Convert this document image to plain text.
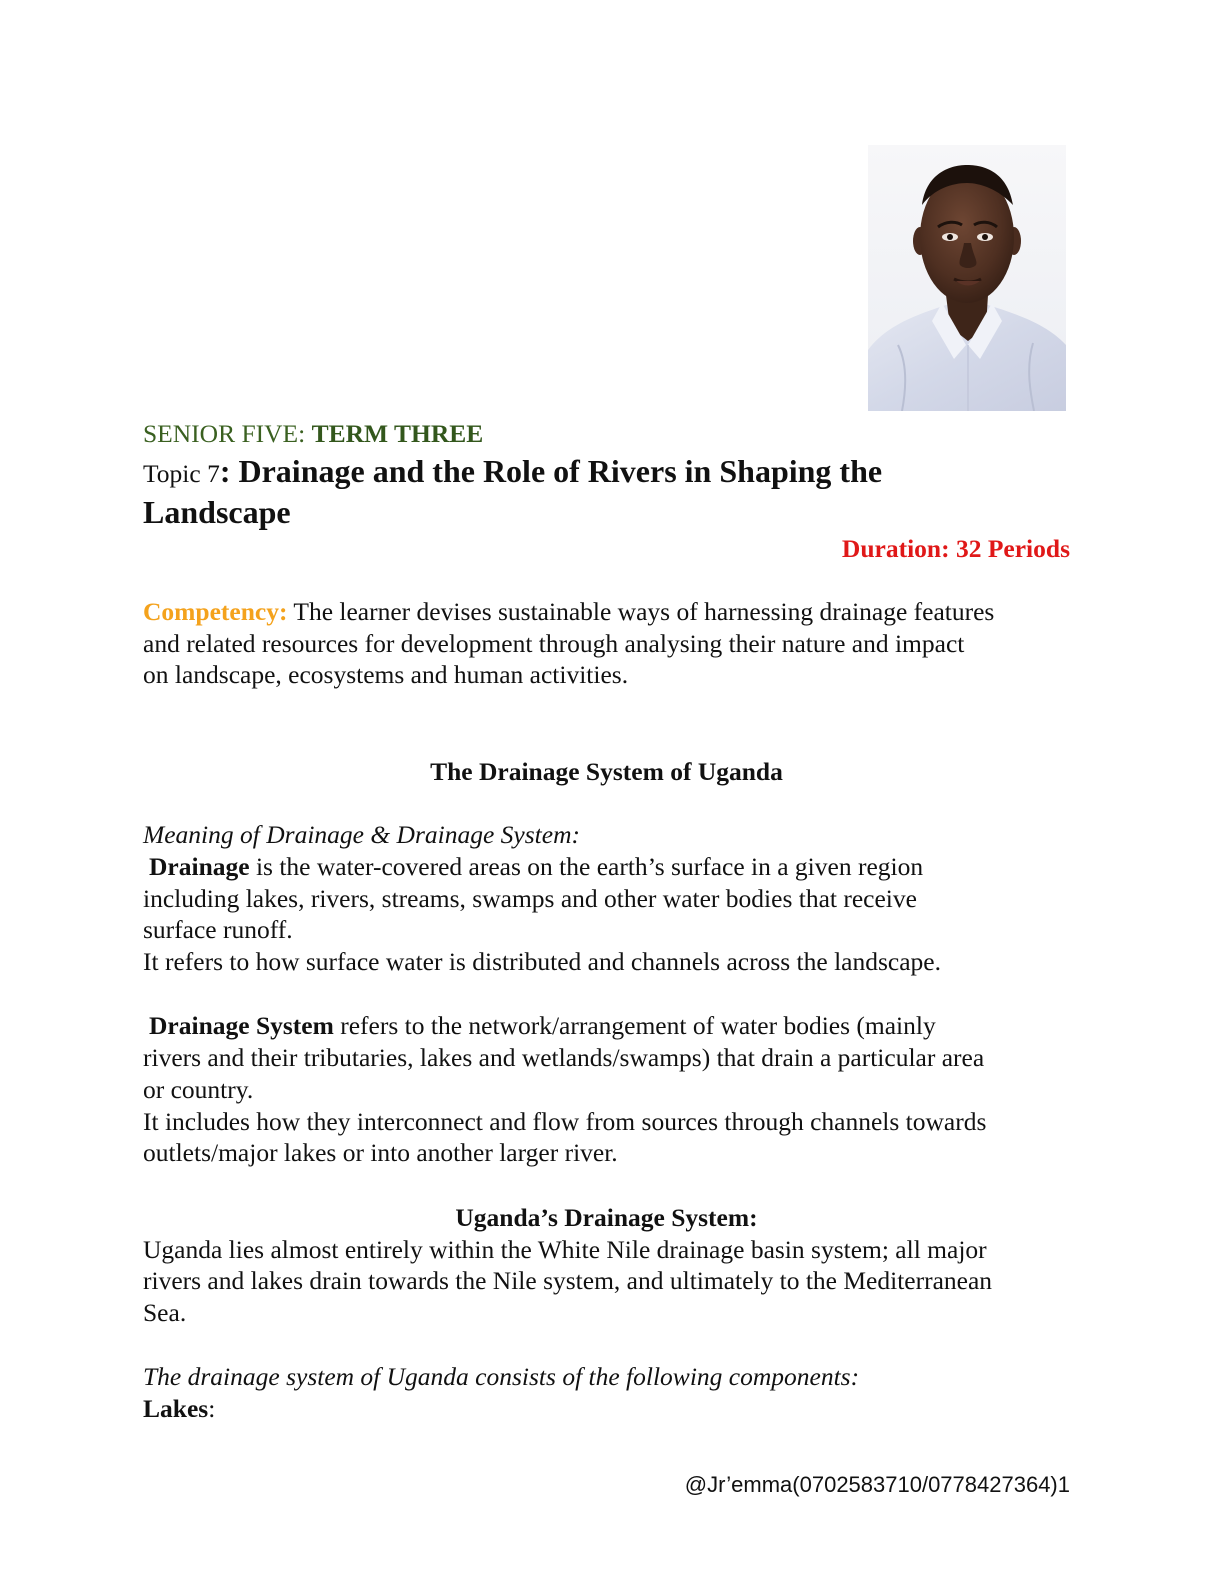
SENIOR FIVE: TERM THREE
Topic 7: Drainage and the Role of Rivers in Shaping the
Landscape
Duration: 32 Periods
Competency: The learner devises sustainable ways of harnessing drainage features
and related resources for development through analysing their nature and impact
on landscape, ecosystems and human activities.
The Drainage System of Uganda
Meaning of Drainage & Drainage System:
Drainage is the water-covered areas on the earth’s surface in a given region
including lakes, rivers, streams, swamps and other water bodies that receive
surface runoff.
It refers to how surface water is distributed and channels across the landscape.
Drainage System refers to the network/arrangement of water bodies (mainly
rivers and their tributaries, lakes and wetlands/swamps) that drain a particular area
or country.
It includes how they interconnect and flow from sources through channels towards
outlets/major lakes or into another larger river.
Uganda’s Drainage System:
Uganda lies almost entirely within the White Nile drainage basin system; all major
rivers and lakes drain towards the Nile system, and ultimately to the Mediterranean
Sea.
The drainage system of Uganda consists of the following components:
Lakes:
@Jr’emma(0702583710/0778427364)1
